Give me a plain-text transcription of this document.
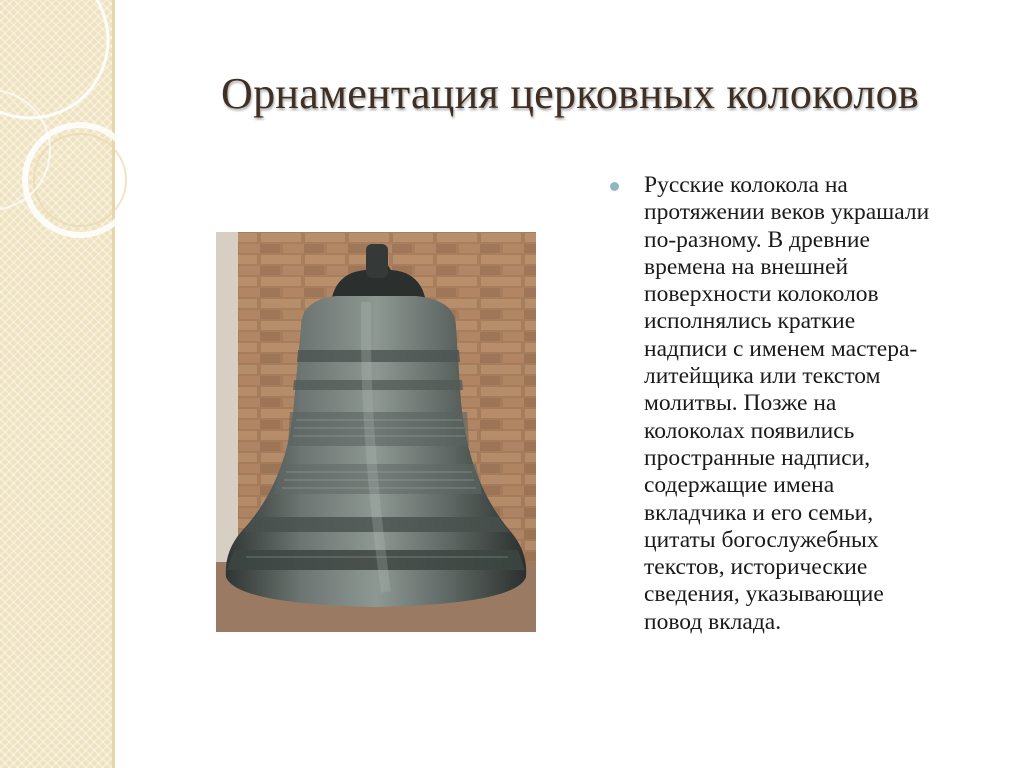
Орнаментация церковных колоколов
Русские колокола на
протяжении веков украшали
по-разному. В древние
времена на внешней
поверхности колоколов
исполнялись краткие
надписи с именем мастера-
литейщика или текстом
молитвы. Позже на
колоколах появились
пространные надписи,
содержащие имена
вкладчика и его семьи,
цитаты богослужебных
текстов, исторические
сведения, указывающие
повод вклада.
